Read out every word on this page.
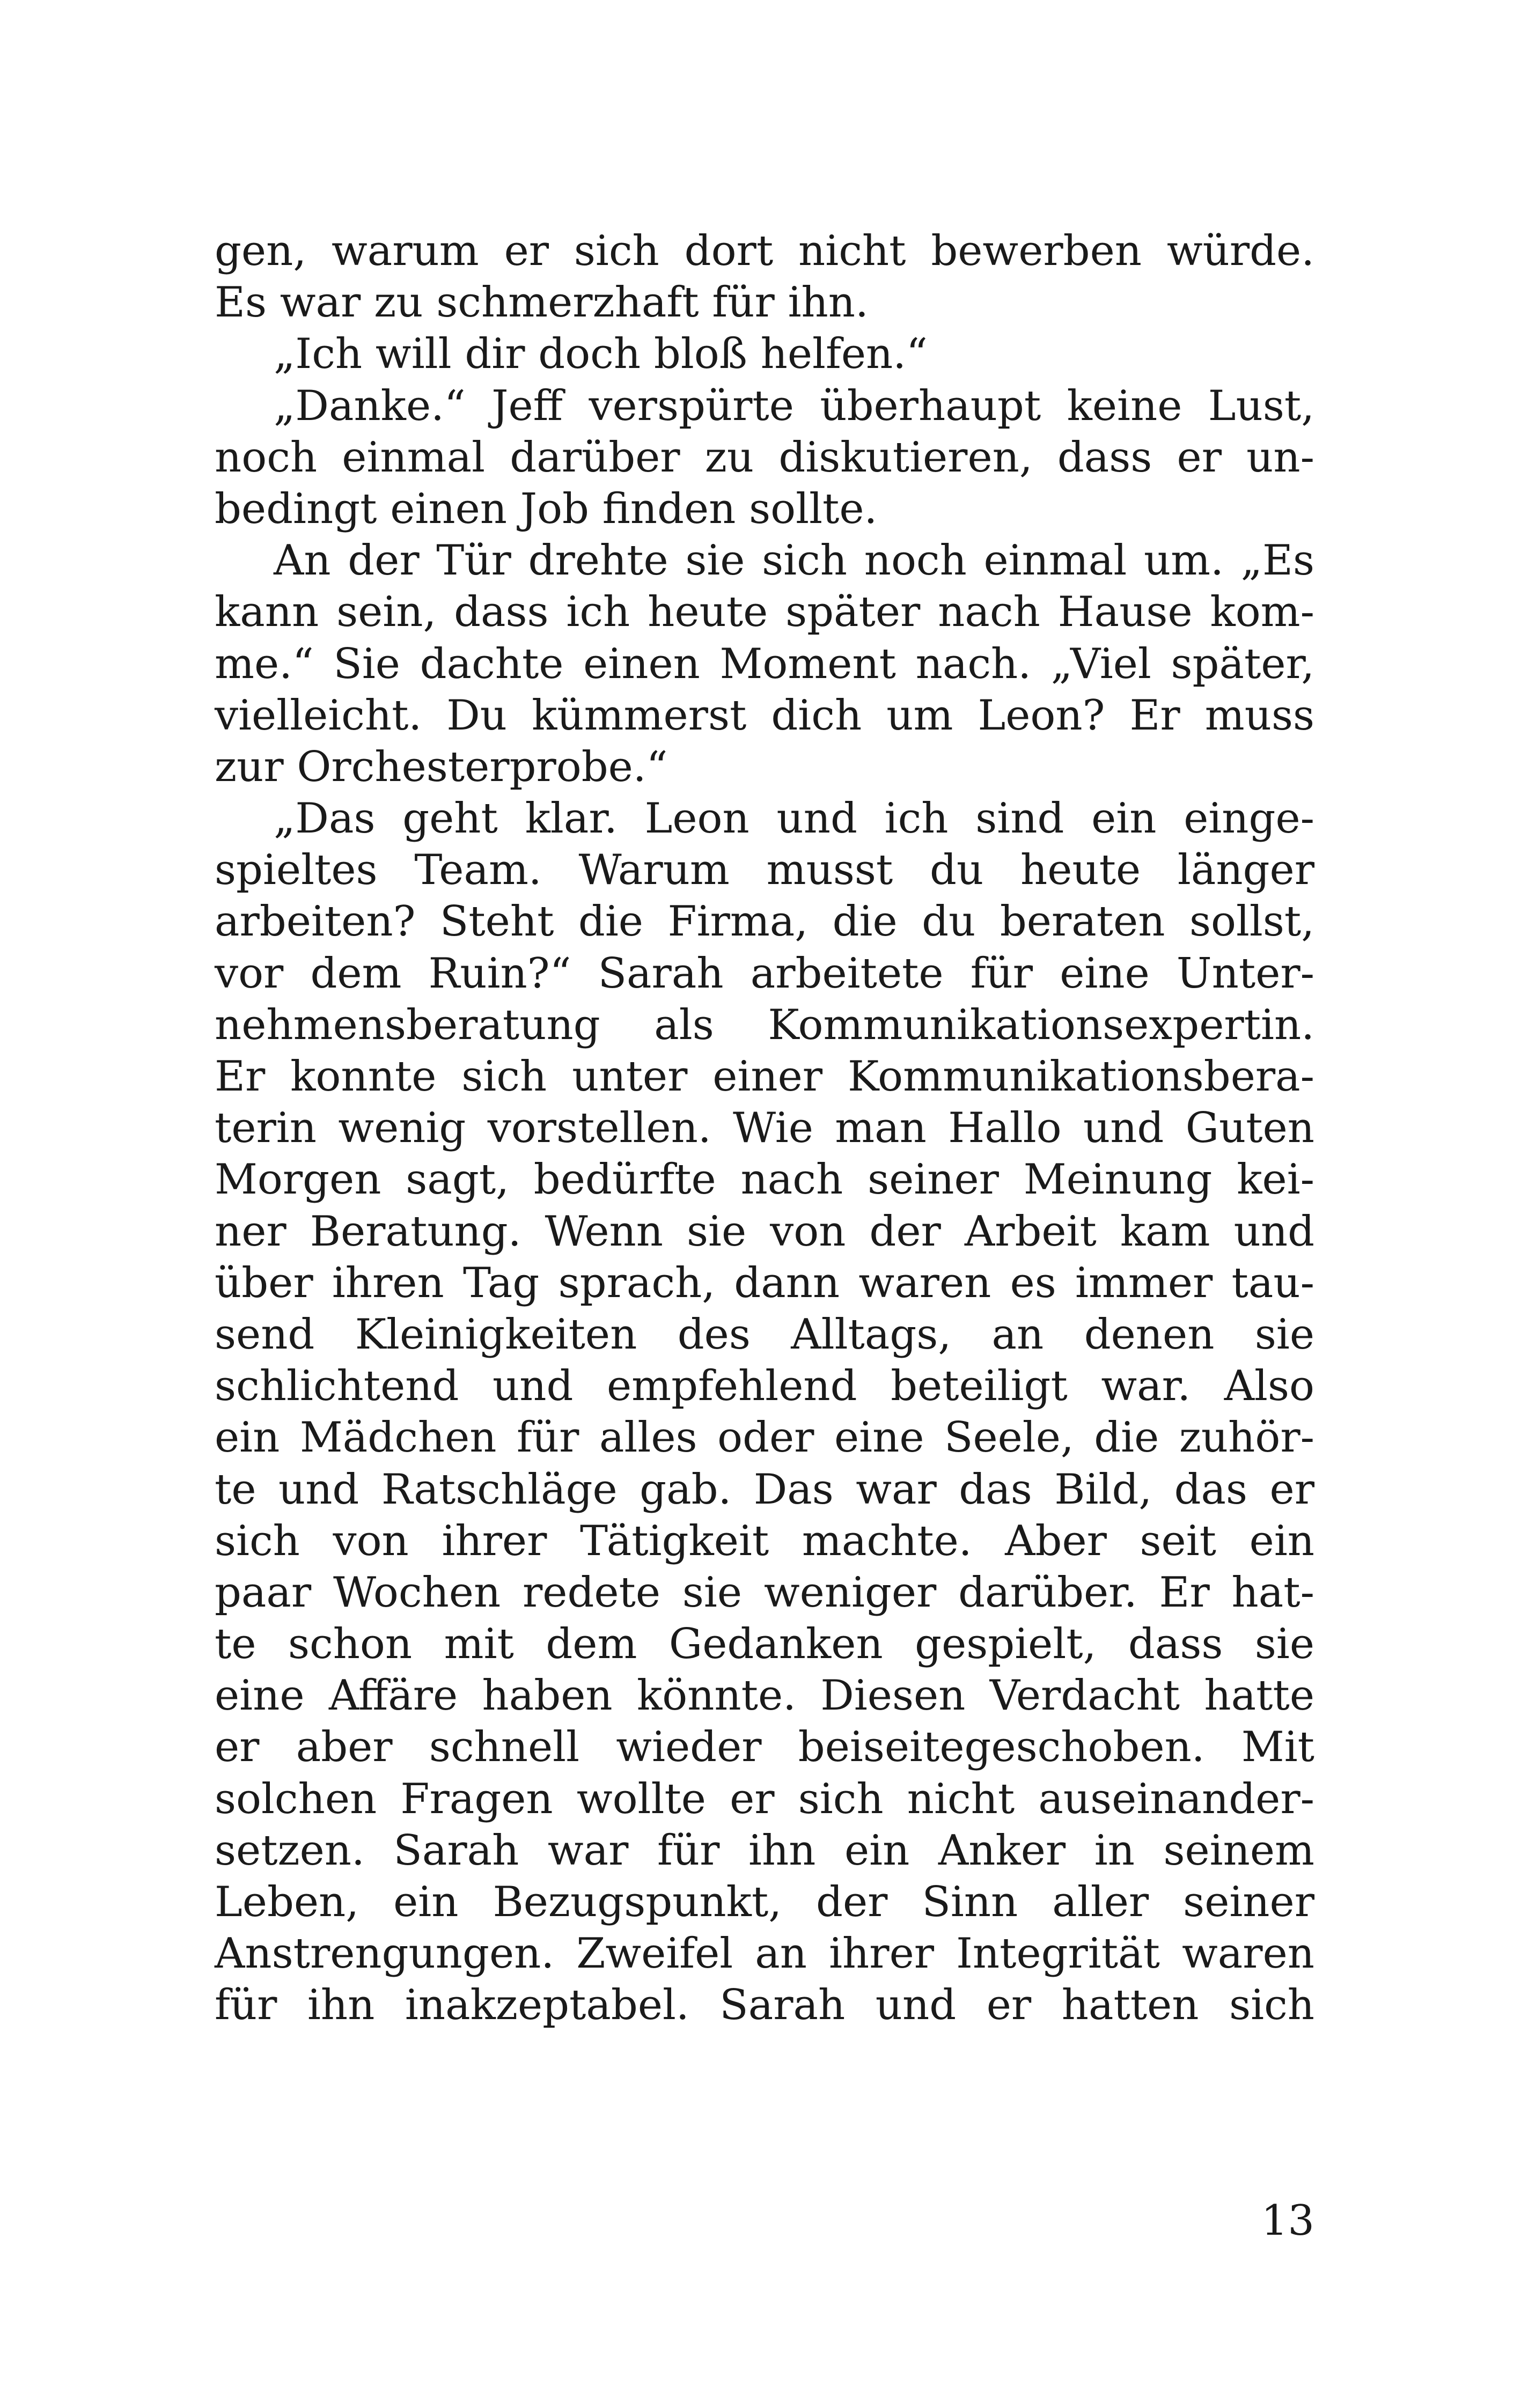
gen, warum er sich dort nicht bewerben würde.
Es war zu schmerzhaft für ihn.
„Ich will dir doch bloß helfen.“
„Danke.“ Jeff verspürte überhaupt keine Lust,
noch einmal darüber zu diskutieren, dass er un-
bedingt einen Job finden sollte.
An der Tür drehte sie sich noch einmal um. „Es
kann sein, dass ich heute später nach Hause kom-
me.“ Sie dachte einen Moment nach. „Viel später,
vielleicht. Du kümmerst dich um Leon? Er muss
zur Orchesterprobe.“
„Das geht klar. Leon und ich sind ein einge-
spieltes Team. Warum musst du heute länger
arbeiten? Steht die Firma, die du beraten sollst,
vor dem Ruin?“ Sarah arbeitete für eine Unter-
nehmensberatung als Kommunikationsexpertin.
Er konnte sich unter einer Kommunikationsbera-
terin wenig vorstellen. Wie man Hallo und Guten
Morgen sagt, bedürfte nach seiner Meinung kei-
ner Beratung. Wenn sie von der Arbeit kam und
über ihren Tag sprach, dann waren es immer tau-
send Kleinigkeiten des Alltags, an denen sie
schlichtend und empfehlend beteiligt war. Also
ein Mädchen für alles oder eine Seele, die zuhör-
te und Ratschläge gab. Das war das Bild, das er
sich von ihrer Tätigkeit machte. Aber seit ein
paar Wochen redete sie weniger darüber. Er hat-
te schon mit dem Gedanken gespielt, dass sie
eine Affäre haben könnte. Diesen Verdacht hatte
er aber schnell wieder beiseitegeschoben. Mit
solchen Fragen wollte er sich nicht auseinander-
setzen. Sarah war für ihn ein Anker in seinem
Leben, ein Bezugspunkt, der Sinn aller seiner
Anstrengungen. Zweifel an ihrer Integrität waren
für ihn inakzeptabel. Sarah und er hatten sich
13
